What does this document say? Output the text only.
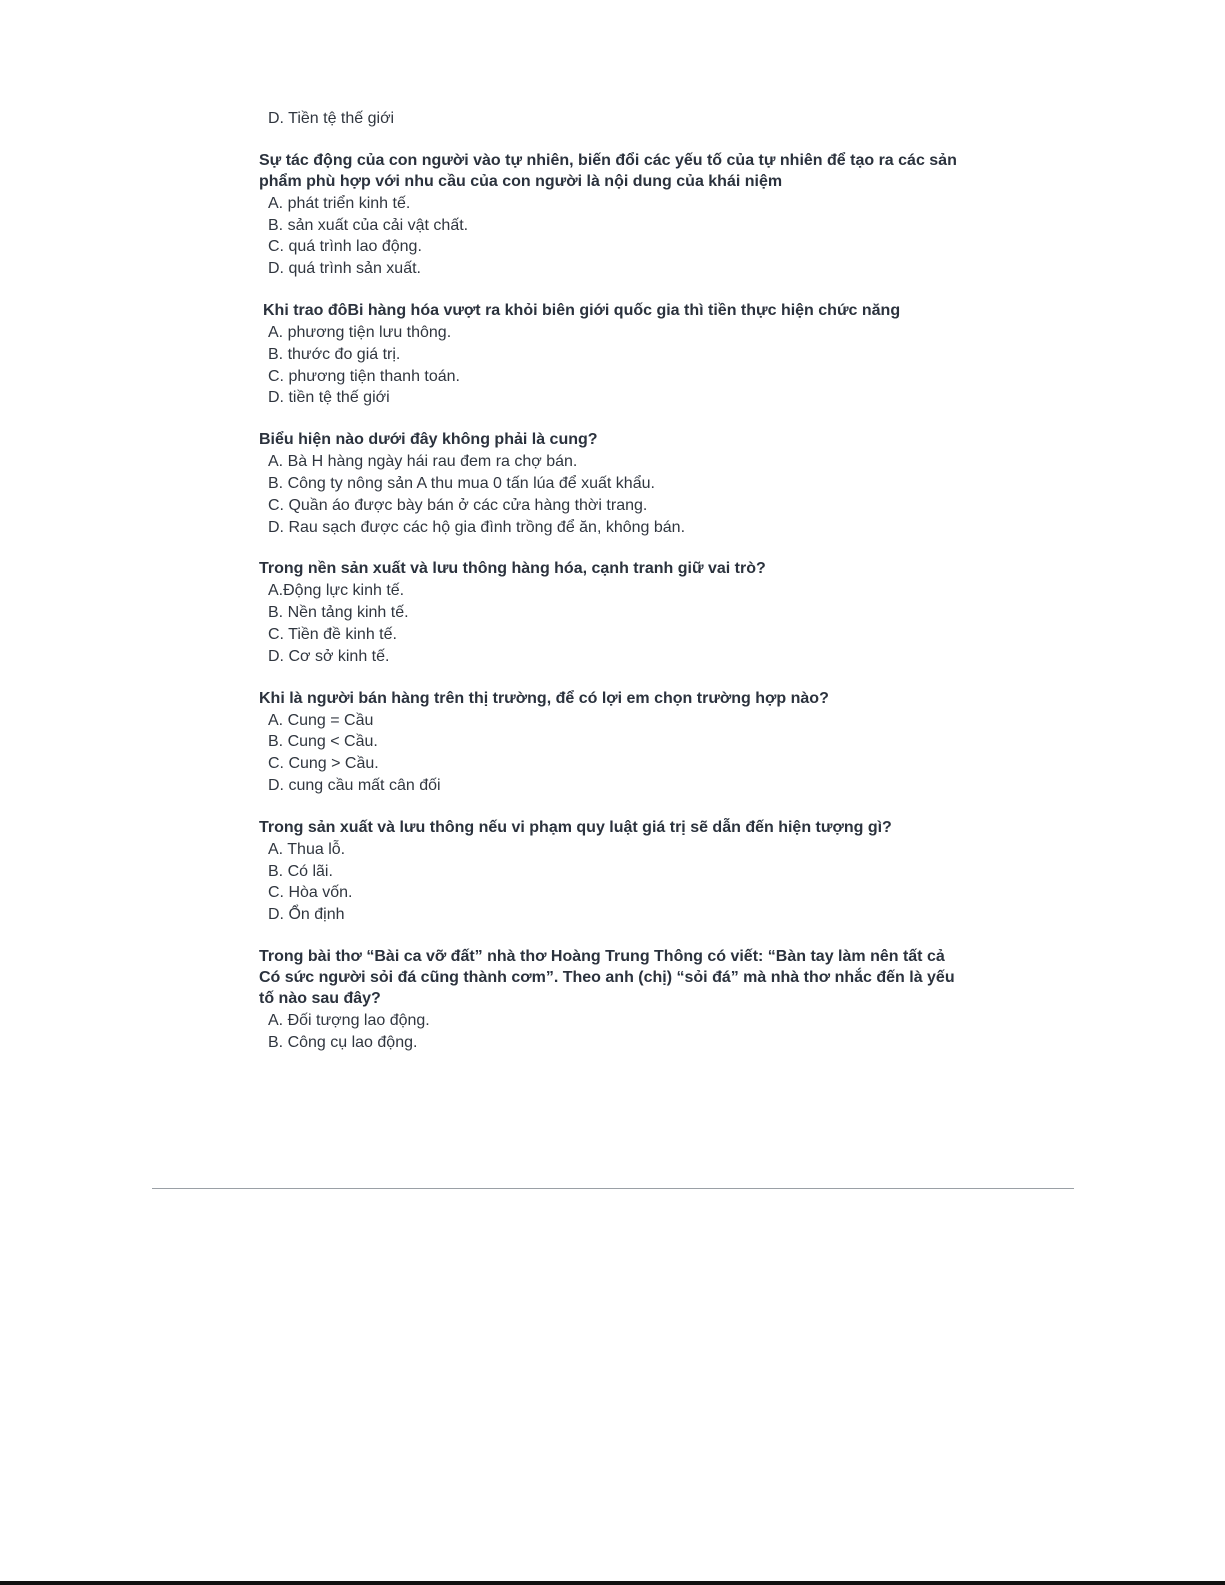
D. Tiền tệ thế giới
Sự tác động của con người vào tự nhiên, biến đổi các yếu tố của tự nhiên để tạo ra các sản phẩm phù hợp với nhu cầu của con người là nội dung của khái niệm
A. phát triển kinh tế.
B. sản xuất của cải vật chất.
C. quá trình lao động.
D. quá trình sản xuất.
Khi trao đôBi hàng hóa vượt ra khỏi biên giới quốc gia thì tiền thực hiện chức năng
A. phương tiện lưu thông.
B. thước đo giá trị.
C. phương tiện thanh toán.
D. tiền tệ thế giới
Biểu hiện nào dưới đây không phải là cung?
A. Bà H hàng ngày hái rau đem ra chợ bán.
B. Công ty nông sản A thu mua 0 tấn lúa để xuất khẩu.
C. Quần áo được bày bán ở các cửa hàng thời trang.
D. Rau sạch được các hộ gia đình trồng để ăn, không bán.
Trong nền sản xuất và lưu thông hàng hóa, cạnh tranh giữ vai trò?
A.Động lực kinh tế.
B. Nền tảng kinh tế.
C. Tiền đề kinh tế.
D. Cơ sở kinh tế.
Khi là người bán hàng trên thị trường, để có lợi em chọn trường hợp nào?
A. Cung = Cầu
B. Cung < Cầu.
C. Cung > Cầu.
D. cung cầu mất cân đối
Trong sản xuất và lưu thông nếu vi phạm quy luật giá trị sẽ dẫn đến hiện tượng gì?
A. Thua lỗ.
B. Có lãi.
C. Hòa vốn.
D. Ổn định
Trong bài thơ “Bài ca vỡ đất” nhà thơ Hoàng Trung Thông có viết: “Bàn tay làm nên tất cả Có sức người sỏi đá cũng thành cơm”. Theo anh (chị) “sỏi đá” mà nhà thơ nhắc đến là yếu tố nào sau đây?
A. Đối tượng lao động.
B. Công cụ lao động.
